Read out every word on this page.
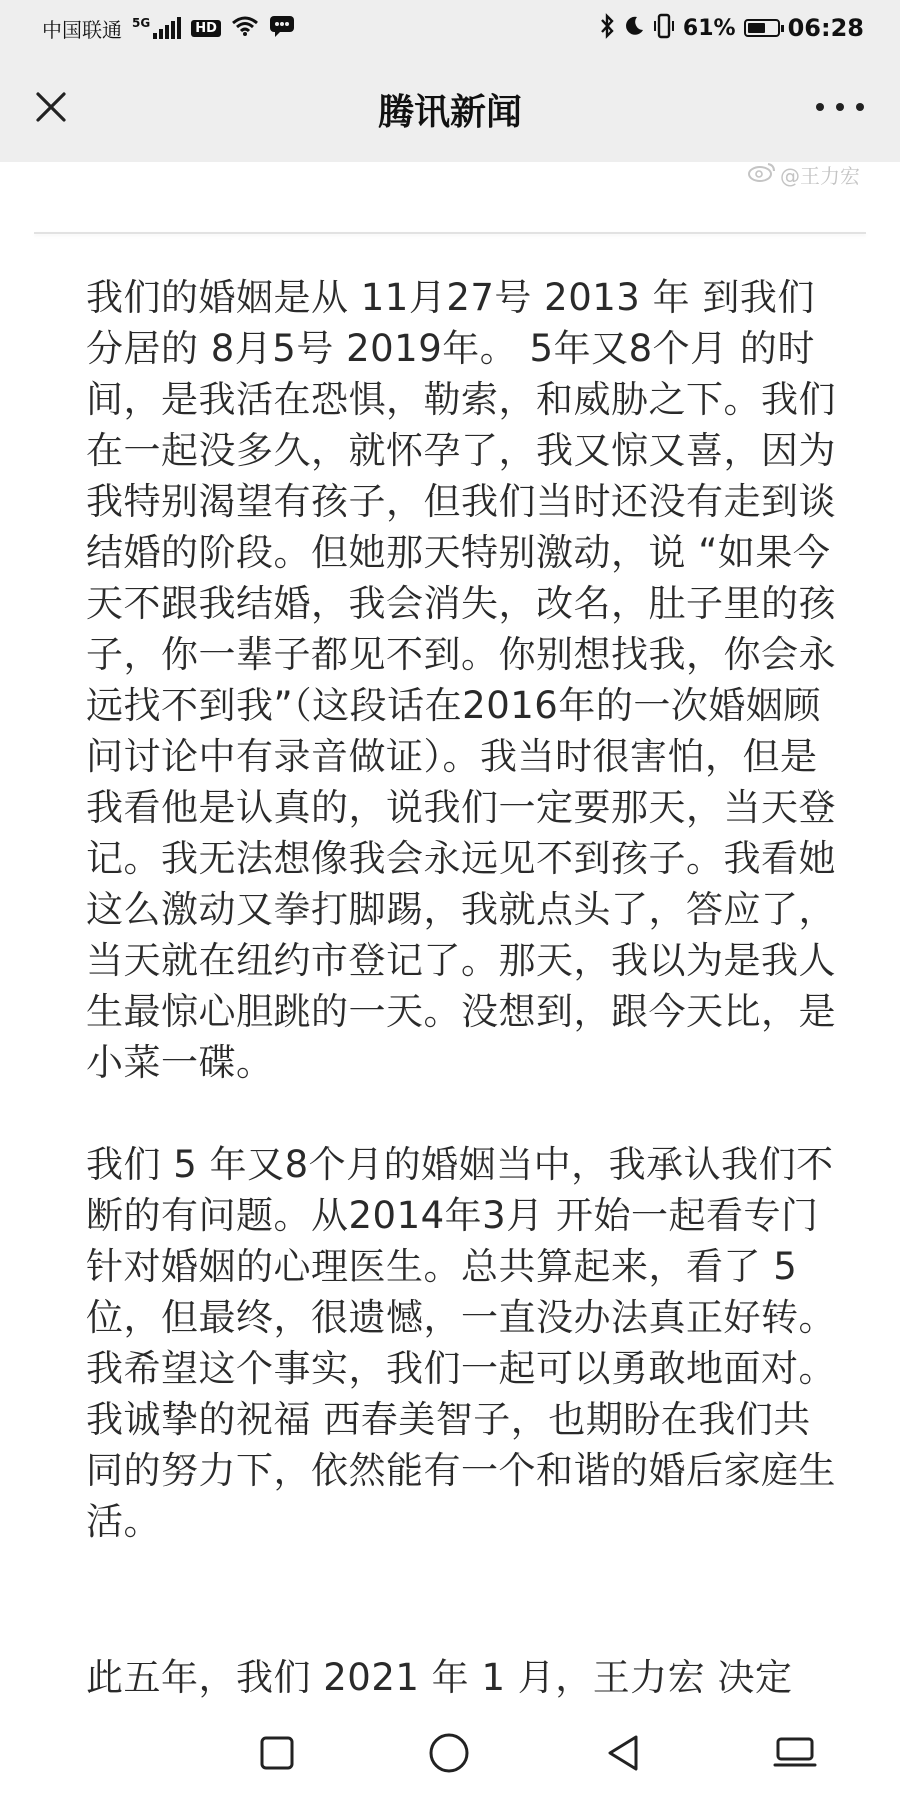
中国联通 5G	HD	61% 06:28
腾讯新闻
@王力宏

我们的婚姻是从 11月27号 2013 年 到我们分居的 8月5号 2019年。 5年又8个月 的时间，是我活在恐惧，勒索，和威胁之下。我们在一起没多久，就怀孕了，我又惊又喜，因为我特别渴望有孩子，但我们当时还没有走到谈结婚的阶段。但她那天特别激动，说 “如果今天不跟我结婚，我会消失，改名，肚子里的孩子，你一辈子都见不到。你别想找我，你会永远找不到我”（这段话在2016年的一次婚姻顾问讨论中有录音做证）。我当时很害怕，但是我看他是认真的，说我们一定要那天，当天登记。我无法想像我会永远见不到孩子。我看她这么激动又拳打脚踢，我就点头了，答应了，当天就在纽约市登记了。那天，我以为是我人生最惊心胆跳的一天。没想到，跟今天比，是小菜一碟。

我们 5 年又8个月的婚姻当中，我承认我们不断的有问题。从2014年3月 开始一起看专门针对婚姻的心理医生。总共算起来，看了 5 位，但最终，很遗憾，一直没办法真正好转。我希望这个事实，我们一起可以勇敢地面对。我诚挚的祝福 西春美智子，也期盼在我们共同的努力下，依然能有一个和谐的婚后家庭生活。

此五年，我们 2021 年 1 月，王力宏 决定
